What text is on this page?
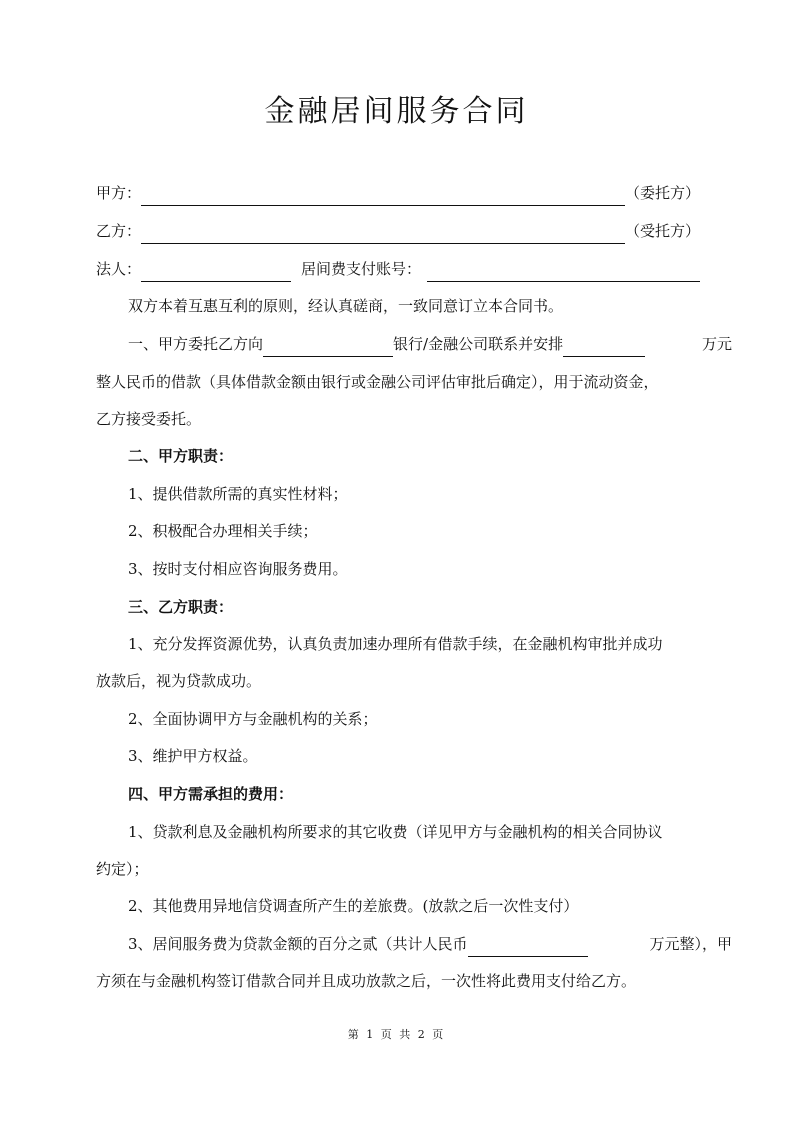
金融居间服务合同
甲方：	（委托方）
乙方：	（受托方）
法人：	居间费支付账号：
双方本着互惠互利的原则，经认真磋商，一致同意订立本合同书。
一、甲方委托乙方向	银行/金融公司联系并安排	万元
整人民币的借款（具体借款金额由银行或金融公司评估审批后确定），用于流动资金，
乙方接受委托。
二、甲方职责：
1、提供借款所需的真实性材料；
2、积极配合办理相关手续；
3、按时支付相应咨询服务费用。
三、乙方职责：
1、充分发挥资源优势，认真负责加速办理所有借款手续，在金融机构审批并成功
放款后，视为贷款成功。
2、全面协调甲方与金融机构的关系；
3、维护甲方权益。
四、甲方需承担的费用：
1、贷款利息及金融机构所要求的其它收费（详见甲方与金融机构的相关合同协议
约定）；
2、其他费用异地信贷调查所产生的差旅费。(放款之后一次性支付）
3、居间服务费为贷款金额的百分之贰（共计人民币	万元整），甲
方须在与金融机构签订借款合同并且成功放款之后，一次性将此费用支付给乙方。
第 1 页 共 2 页
